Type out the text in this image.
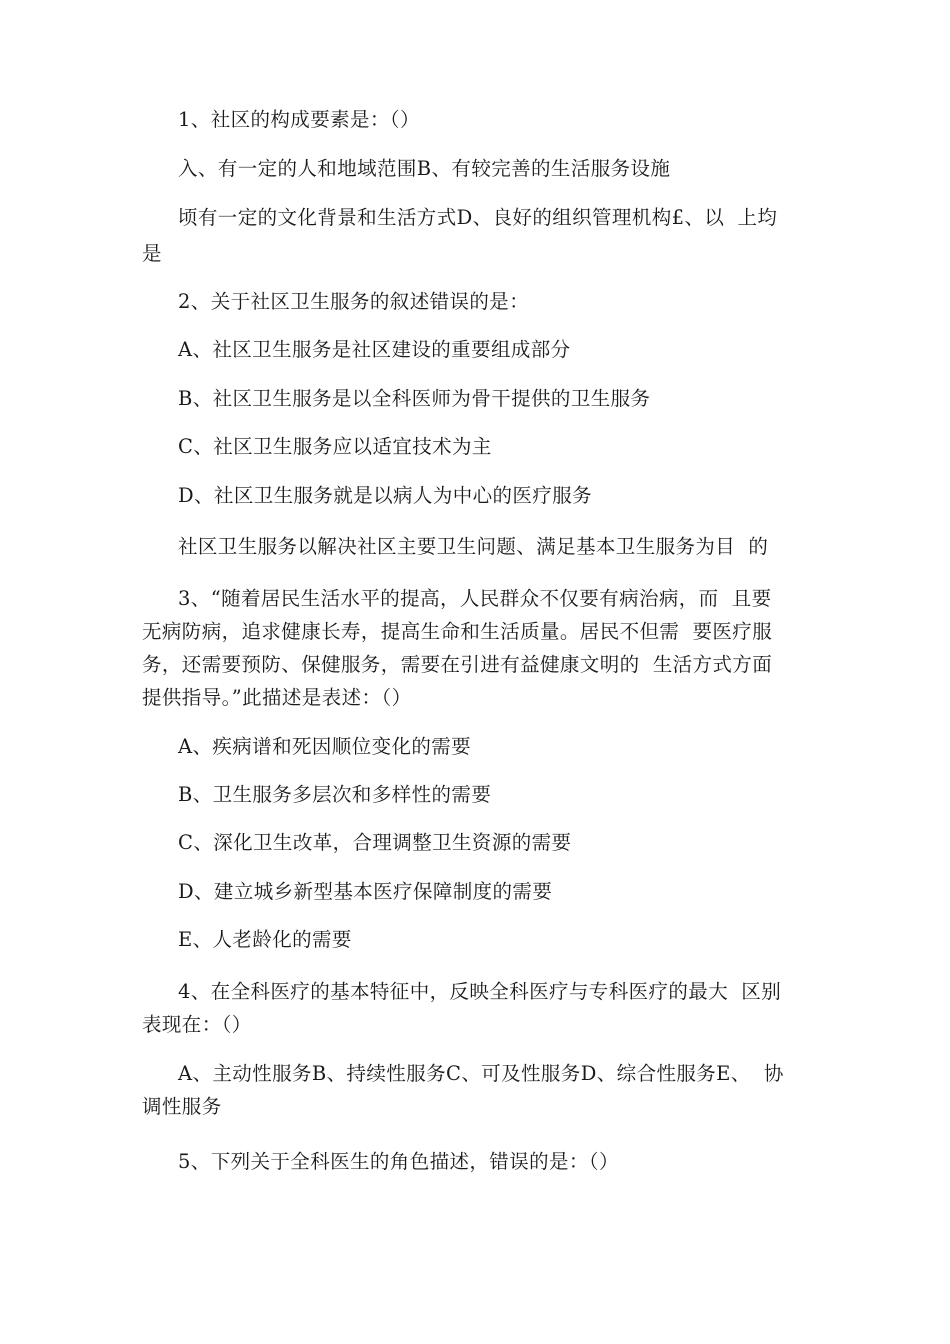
1、社区的构成要素是：（）
入、有一定的人和地域范围B、有较完善的生活服务设施
顷有一定的文化背景和生活方式D、良好的组织管理机构£、以  上均
是
2、关于社区卫生服务的叙述错误的是：
A、社区卫生服务是社区建设的重要组成部分
B、社区卫生服务是以全科医师为骨干提供的卫生服务
C、社区卫生服务应以适宜技术为主
D、社区卫生服务就是以病人为中心的医疗服务
社区卫生服务以解决社区主要卫生问题、满足基本卫生服务为目  的
3、“随着居民生活水平的提高，人民群众不仅要有病治病，而  且要
无病防病，追求健康长寿，提高生命和生活质量。居民不但需  要医疗服
务，还需要预防、保健服务，需要在引进有益健康文明的  生活方式方面
提供指导。”此描述是表述：（）
A、疾病谱和死因顺位变化的需要
B、卫生服务多层次和多样性的需要
C、深化卫生改革，合理调整卫生资源的需要
D、建立城乡新型基本医疗保障制度的需要
E、人老龄化的需要
4、在全科医疗的基本特征中，反映全科医疗与专科医疗的最大  区别
表现在：（）
A、主动性服务B、持续性服务C、可及性服务D、综合性服务E、  协
调性服务
5、下列关于全科医生的角色描述，错误的是：（）
